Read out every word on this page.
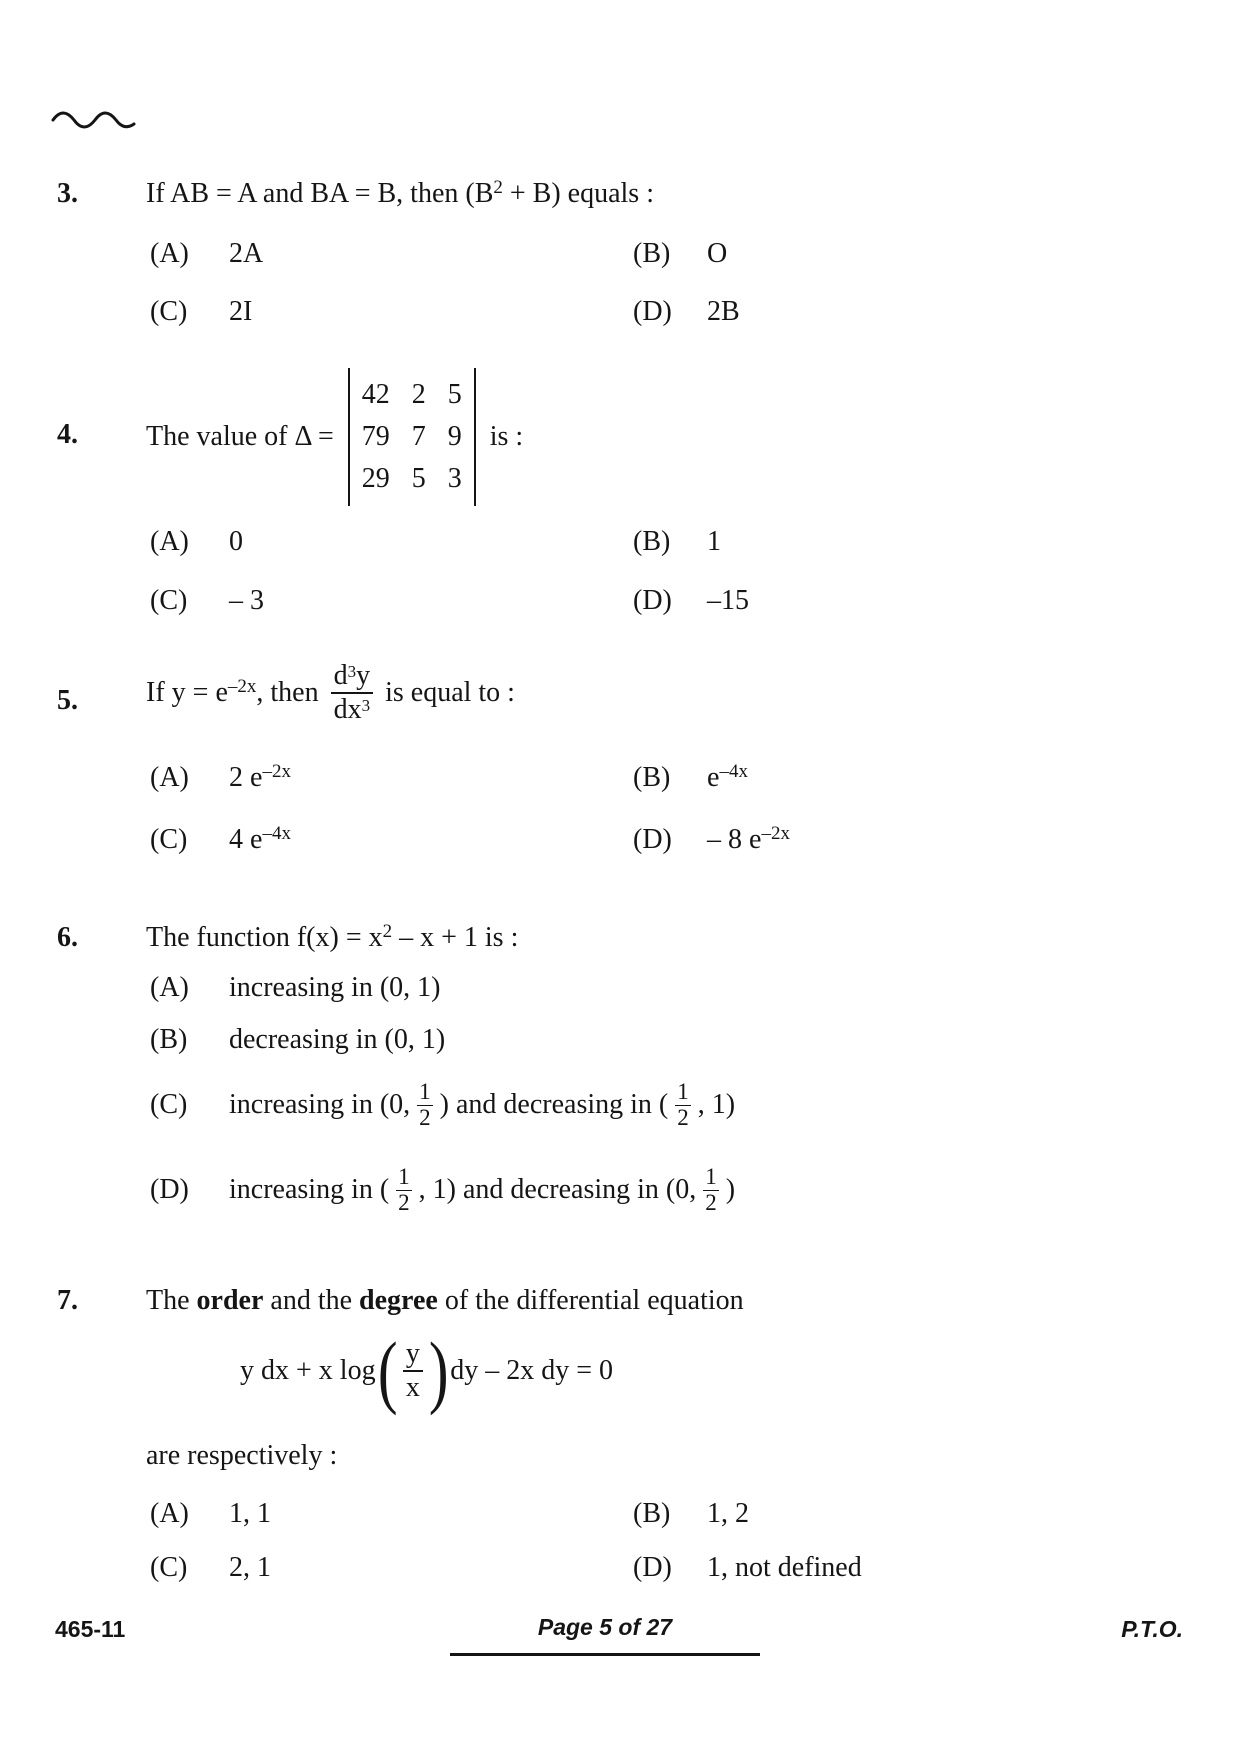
3. If AB = A and BA = B, then $(B^2 + B)$ equals :
(A) 2A	(B) O
(C) 2I	(D) 2B
4. The value of Δ =
42 2 5
79 7 9
29 5 3
is :
(A) 0	(B) 1
(C) – 3	(D) –15
5. If $y = e^{-2x}$, then $\frac{d^3y}{dx^3}$ is equal to :
(A) 2 $e^{-2x}$	(B) $e^{-4x}$
(C) 4 $e^{-4x}$	(D) – 8 $e^{-2x}$
6. The function $f(x) = x^2 - x + 1$ is :
(A) increasing in (0, 1)
(B) decreasing in (0, 1)
(C) increasing in (0, $\frac{1}{2}$ ) and decreasing in ( $\frac{1}{2}$ , 1)
(D) increasing in ( $\frac{1}{2}$ , 1) and decreasing in (0, $\frac{1}{2}$ )
7. The order and the degree of the differential equation
y dx + x log ( $\frac{y}{x}$ ) dy – 2x dy = 0
are respectively :
(A) 1, 1	(B) 1, 2
(C) 2, 1	(D) 1, not defined
465-11	Page 5 of 27	P.T.O.
